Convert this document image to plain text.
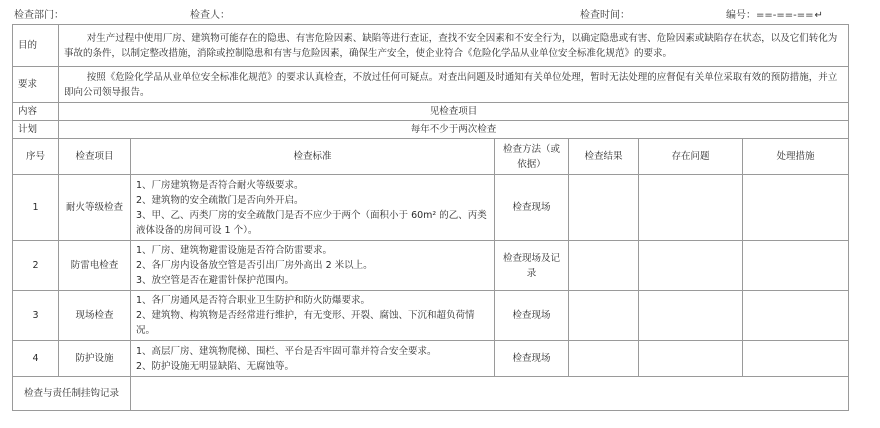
检查部门：	检查人：	检查时间：	编号：==-==-==↵
目的	对生产过程中使用厂房、建筑物可能存在的隐患、有害危险因素、缺陷等进行查证，查找不安全因素和不安全行为，以确定隐患或有害、危险因素或缺陷存在状态，以及它们转化为事故的条件，以制定整改措施，消除或控制隐患和有害与危险因素，确保生产安全，使企业符合《危险化学品从业单位安全标准化规范》的要求。					
要求	按照《危险化学品从业单位安全标准化规范》的要求认真检查，不放过任何可疑点。对查出问题及时通知有关单位处理，暂时无法处理的应督促有关单位采取有效的预防措施，并立即向公司领导报告。					
内容	见检查项目					
计划	每年不少于两次检查					
序号	检查项目	检查标准	检查方法（或依据）	检查结果	存在问题	处理措施
1	耐火等级检查	1、厂房建筑物是否符合耐火等级要求。
2、建筑物的安全疏散门是否向外开启。
3、甲、乙、丙类厂房的安全疏散门是否不应少于两个（面积小于 60m² 的乙、丙类液体设备的房间可设 1 个）。	检查现场			
2	防雷电检查	1、厂房、建筑物避雷设施是否符合防雷要求。
2、各厂房内设备放空管是否引出厂房外高出 2 米以上。
3、放空管是否在避雷针保护范围内。	检查现场及记录			
3	现场检查	1、各厂房通风是否符合职业卫生防护和防火防爆要求。
2、建筑物、构筑物是否经常进行维护，有无变形、开裂、腐蚀、下沉和超负荷情况。	检查现场			
4	防护设施	1、高层厂房、建筑物爬梯、围栏、平台是否牢固可靠并符合安全要求。
2、防护设施无明显缺陷、无腐蚀等。	检查现场			
检查与责任制挂钩记录						
